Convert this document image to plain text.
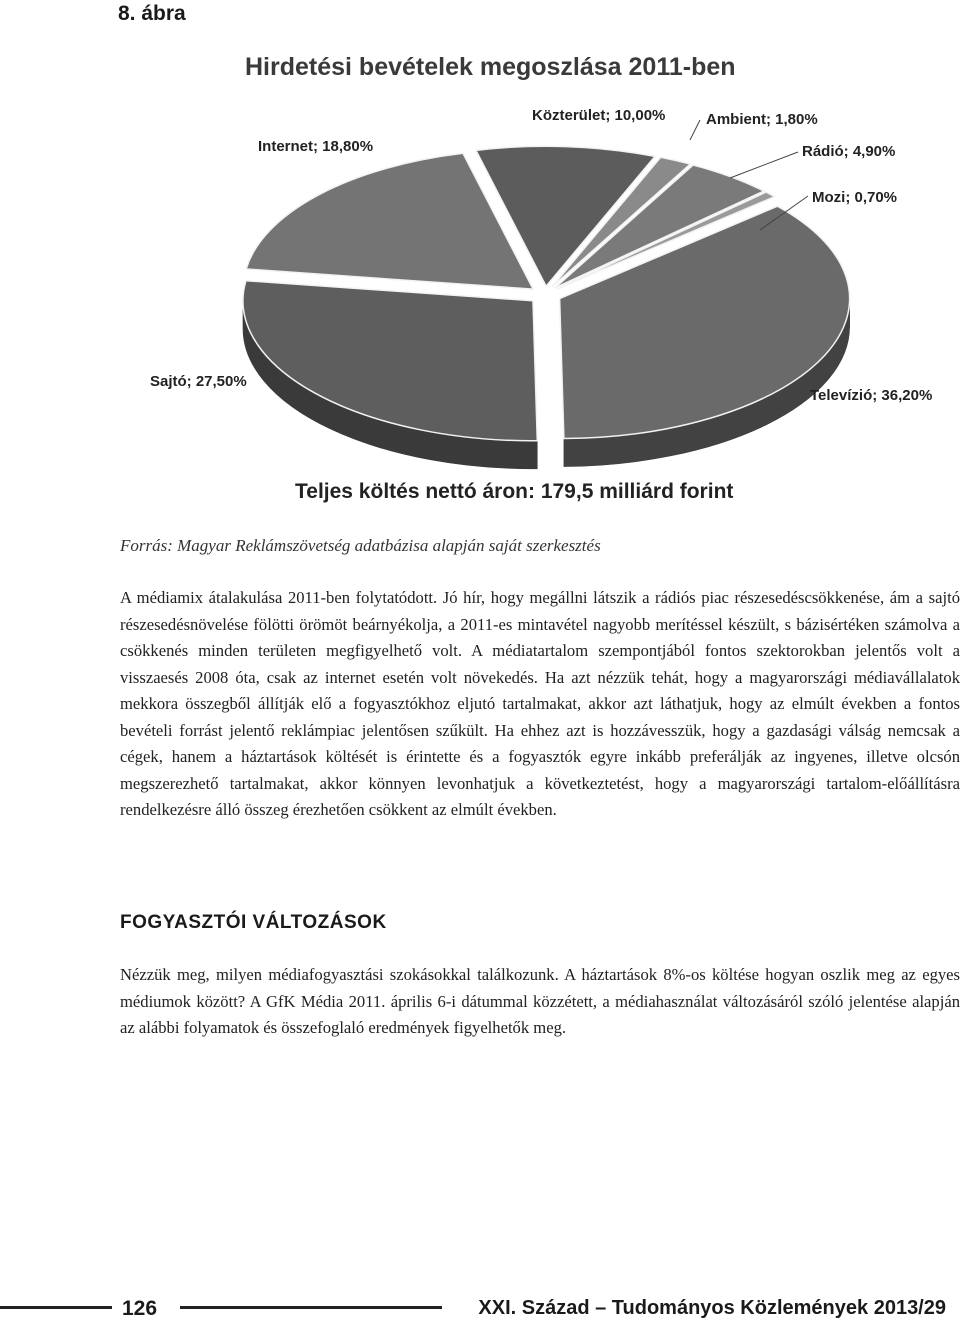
8. ábra
Hirdetési bevételek megoszlása 2011-ben
Közterület; 10,00%	Ambient; 1,80%
Rádió; 4,90%
Mozi; 0,70%
Televízió; 36,20%
Sajtó; 27,50%
Internet; 18,80%
Teljes költés nettó áron: 179,5 milliárd forint
Forrás: Magyar Reklámszövetség adatbázisa alapján saját szerkesztés

A médiamix átalakulása 2011-ben folytatódott. Jó hír, hogy megállni látszik a rádiós piac részesedéscsökkenése, ám a sajtó részesedésnövelése fölötti örömöt beárnyékolja, a 2011-es mintavétel nagyobb merítéssel készült, s bázisértéken számolva a csökkenés minden területen megfigyelhető volt. A médiatartalom szempontjából fontos szektorokban jelentős volt a visszaesés 2008 óta, csak az internet esetén volt növekedés. Ha azt nézzük tehát, hogy a magyarországi médiavállalatok mekkora összegből állítják elő a fogyasztókhoz eljutó tartalmakat, akkor azt láthatjuk, hogy az elmúlt években a fontos bevételi forrást jelentő reklámpiac jelentősen szűkült. Ha ehhez azt is hozzávesszük, hogy a gazdasági válság nemcsak a cégek, hanem a háztartások költését is érintette és a fogyasztók egyre inkább preferálják az ingyenes, illetve olcsón megszerezhető tartalmakat, akkor könnyen levonhatjuk a következtetést, hogy a magyarországi tartalom-előállításra rendelkezésre álló összeg érezhetően csökkent az elmúlt években.

FOGYASZTÓI VÁLTOZÁSOK

Nézzük meg, milyen médiafogyasztási szokásokkal találkozunk. A háztartások 8%-os költése hogyan oszlik meg az egyes médiumok között? A GfK Média 2011. április 6-i dátummal közzétett, a médiahasználat változásáról szóló jelentése alapján az alábbi folyamatok és összefoglaló eredmények figyelhetők meg.

126	XXI. Század – Tudományos Közlemények 2013/29
